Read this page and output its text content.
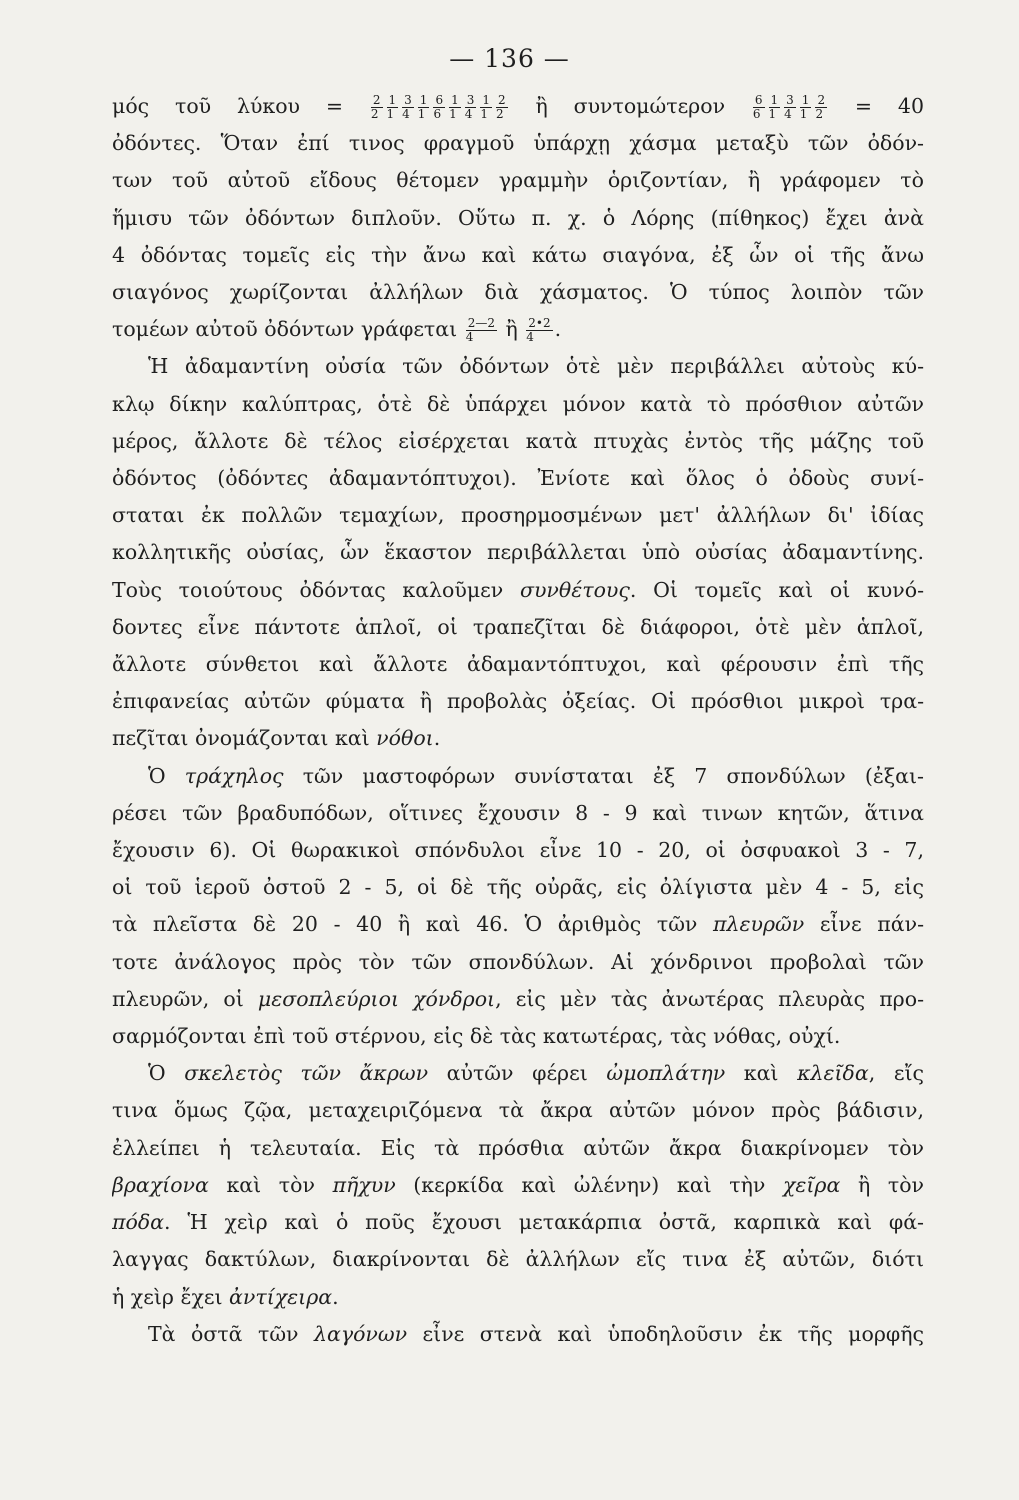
— 136 —
μός τοῦ $\lambda ύ\kappa o\upsilon = \frac{2}{2} \frac{1}{1} \frac{3}{4} \frac{1}{1} \frac{6}{6} \frac{1}{1} \frac{3}{4} \frac{1}{1} \frac{2}{2}$ ἢ συντομώτερον $\frac{6}{6} \frac{1}{1} \frac{3}{4} \frac{1}{1} \frac{2}{2} = 40$
ὀδόντες. Ὅταν ἐπί τινος φραγμοῦ ὑπάρχῃ χάσμα μεταξὺ τῶν ὀδόν-
των τοῦ αὐτοῦ εἴδους θέτομεν γραμμὴν ὁριζοντίαν, ἢ γράφομεν τὸ
ἥμισυ τῶν ὀδόντων διπλοῦν. Οὕτω π. χ. ὁ Λόρης (πίθηκος) ἔχει ἀνὰ
4 ὀδόντας τομεῖς εἰς τὴν ἄνω καὶ κάτω σιαγόνα, ἐξ ὧν οἱ τῆς ἄνω
σιαγόνος χωρίζονται ἀλλήλων διὰ χάσματος. Ὁ τύπος λοιπὸν τῶν
τομέων αὐτοῦ ὀδόντων γράφεται $\frac{2—2}{4}$ ἢ $\frac{2•2}{4}$ .
Ἡ ἀδαμαντίνη οὐσία τῶν ὀδόντων ὁτὲ μὲν περιβάλλει αὐτοὺς κύ-
κλῳ δίκην καλύπτρας, ὁτὲ δὲ ὑπάρχει μόνον κατὰ τὸ πρόσθιον αὐτῶν
μέρος, ἄλλοτε δὲ τέλος εἰσέρχεται κατὰ πτυχὰς ἐντὸς τῆς μάζης τοῦ
ὀδόντος (ὀδόντες ἀδαμαντόπτυχοι). Ἐνίοτε καὶ ὅλος ὁ ὀδοὺς συνί-
σταται ἐκ πολλῶν τεμαχίων, προσηρμοσμένων μετ' ἀλλήλων δι' ἰδίας
κολλητικῆς οὐσίας, ὧν ἕκαστον περιβάλλεται ὑπὸ οὐσίας ἀδαμαντίνης.
Τοὺς τοιούτους ὀδόντας καλοῦμεν συνθέτους. Οἱ τομεῖς καὶ οἱ κυνό-
δοντες εἶνε πάντοτε ἁπλοῖ, οἱ τραπεζῖται δὲ διάφοροι, ὁτὲ μὲν ἁπλοῖ,
ἄλλοτε σύνθετοι καὶ ἄλλοτε ἀδαμαντόπτυχοι, καὶ φέρουσιν ἐπὶ τῆς
ἐπιφανείας αὐτῶν φύματα ἢ προβολὰς ὀξείας. Οἱ πρόσθιοι μικροὶ τρα-
πεζῖται ὀνομάζονται καὶ νόθοι.
Ὁ τράχηλος τῶν μαστοφόρων συνίσταται ἐξ 7 σπονδύλων (ἐξαι-
ρέσει τῶν βραδυπόδων, οἵτινες ἔχουσιν 8 - 9 καὶ τινων κητῶν, ἅτινα
ἔχουσιν 6). Οἱ θωρακικοὶ σπόνδυλοι εἶνε 10 - 20, οἱ ὀσφυακοὶ 3 - 7,
οἱ τοῦ ἱεροῦ ὀστοῦ 2 - 5, οἱ δὲ τῆς οὐρᾶς, εἰς ὀλίγιστα μὲν 4 - 5, εἰς
τὰ πλεῖστα δὲ 20 - 40 ἢ καὶ 46. Ὁ ἀριθμὸς τῶν πλευρῶν εἶνε πάν-
τοτε ἀνάλογος πρὸς τὸν τῶν σπονδύλων. Αἱ χόνδρινοι προβολαὶ τῶν
πλευρῶν, οἱ μεσοπλεύριοι χόνδροι, εἰς μὲν τὰς ἀνωτέρας πλευρὰς προ-
σαρμόζονται ἐπὶ τοῦ στέρνου, εἰς δὲ τὰς κατωτέρας, τὰς νόθας, οὐχί.
Ὁ σκελετὸς τῶν ἄκρων αὐτῶν φέρει ὠμοπλάτην καὶ κλεῖδα, εἴς
τινα ὅμως ζῷα, μεταχειριζόμενα τὰ ἄκρα αὐτῶν μόνον πρὸς βάδισιν,
ἐλλείπει ἡ τελευταία. Εἰς τὰ πρόσθια αὐτῶν ἄκρα διακρίνομεν τὸν
βραχίονα καὶ τὸν πῆχυν (κερκίδα καὶ ὠλένην) καὶ τὴν χεῖρα ἢ τὸν
πόδα. Ἡ χεὶρ καὶ ὁ ποῦς ἔχουσι μετακάρπια ὀστᾶ, καρπικὰ καὶ φά-
λαγγας δακτύλων, διακρίνονται δὲ ἀλλήλων εἴς τινα ἐξ αὐτῶν, διότι
ἡ χεὶρ ἔχει ἀντίχειρα.
Τὰ ὀστᾶ τῶν λαγόνων εἶνε στενὰ καὶ ὑποδηλοῦσιν ἐκ τῆς μορφῆς
